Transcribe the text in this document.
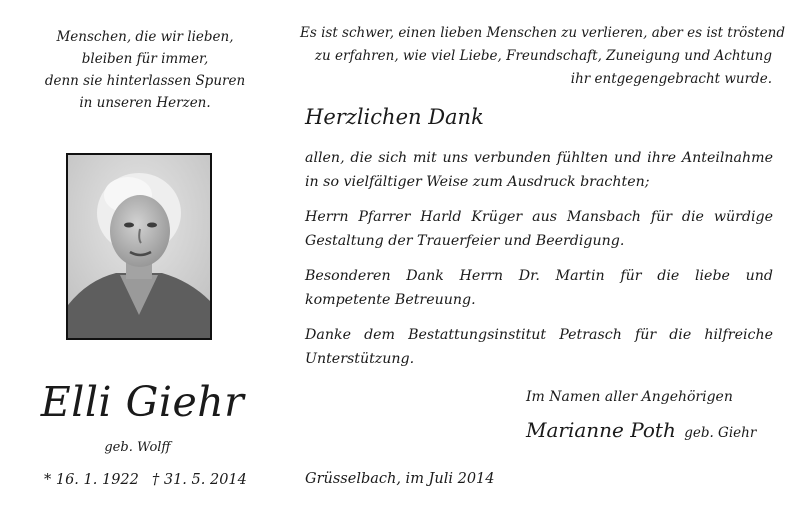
Menschen, die wir lieben,
bleiben für immer,
denn sie hinterlassen Spuren
in unseren Herzen.
Es ist schwer, einen lieben Menschen zu verlieren, aber es ist tröstend
zu erfahren, wie viel Liebe, Freundschaft, Zuneigung und Achtung
ihr entgegengebracht wurde.
Herzlichen Dank
allen, die sich mit uns verbunden fühlten und ihre Anteilnahme in so vielfältiger Weise zum Ausdruck brachten;
Herrn Pfarrer Harld Krüger aus Mansbach für die würdige Gestaltung der Trauerfeier und Beerdigung.
Besonderen Dank Herrn Dr. Martin für die liebe und kompetente Betreuung.
Danke dem Bestattungsinstitut Petrasch für die hilfreiche Unterstützung.
Elli Giehr
geb. Wolff
* 16. 1. 1922 † 31. 5. 2014
Im Namen aller Angehörigen
Marianne Poth geb. Giehr
Grüsselbach, im Juli 2014
